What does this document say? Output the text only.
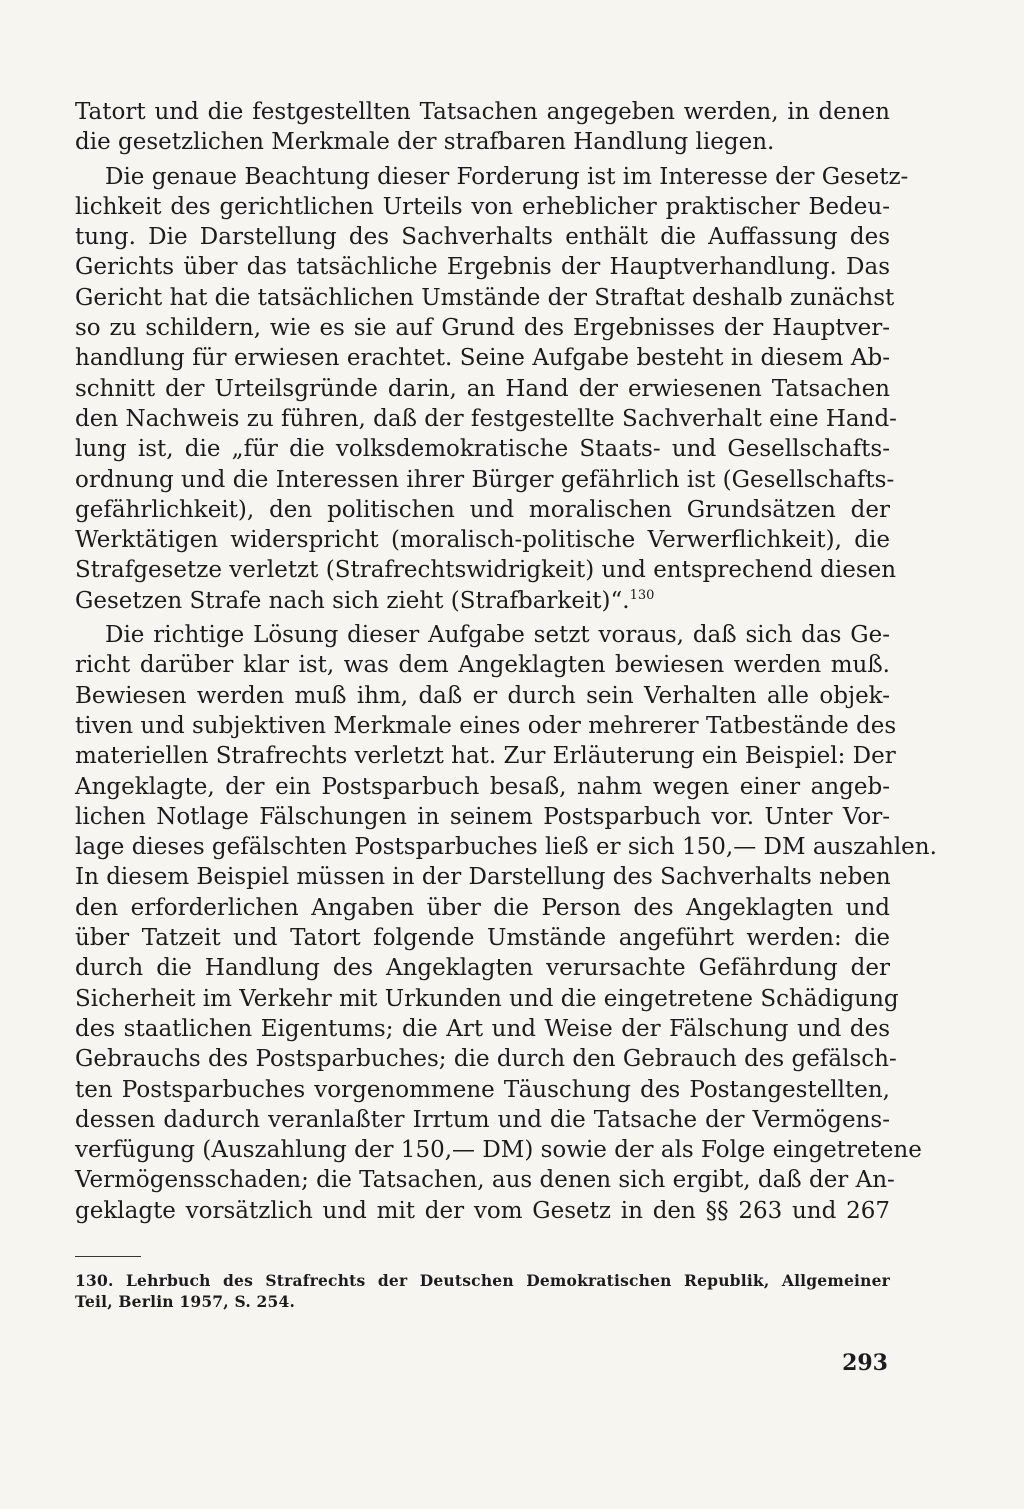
Tatort und die festgestellten Tatsachen angegeben werden, in denen
die gesetzlichen Merkmale der strafbaren Handlung liegen.
Die genaue Beachtung dieser Forderung ist im Interesse der Gesetz-
lichkeit des gerichtlichen Urteils von erheblicher praktischer Bedeu-
tung. Die Darstellung des Sachverhalts enthält die Auffassung des
Gerichts über das tatsächliche Ergebnis der Hauptverhandlung. Das
Gericht hat die tatsächlichen Umstände der Straftat deshalb zunächst
so zu schildern, wie es sie auf Grund des Ergebnisses der Hauptver-
handlung für erwiesen erachtet. Seine Aufgabe besteht in diesem Ab-
schnitt der Urteilsgründe darin, an Hand der erwiesenen Tatsachen
den Nachweis zu führen, daß der festgestellte Sachverhalt eine Hand-
lung ist, die „für die volksdemokratische Staats- und Gesellschafts-
ordnung und die Interessen ihrer Bürger gefährlich ist (Gesellschafts-
gefährlichkeit), den politischen und moralischen Grundsätzen der
Werktätigen widerspricht (moralisch-politische Verwerflichkeit), die
Strafgesetze verletzt (Strafrechtswidrigkeit) und entsprechend diesen
Gesetzen Strafe nach sich zieht (Strafbarkeit)“.$^{130}$
Die richtige Lösung dieser Aufgabe setzt voraus, daß sich das Ge-
richt darüber klar ist, was dem Angeklagten bewiesen werden muß.
Bewiesen werden muß ihm, daß er durch sein Verhalten alle objek-
tiven und subjektiven Merkmale eines oder mehrerer Tatbestände des
materiellen Strafrechts verletzt hat. Zur Erläuterung ein Beispiel: Der
Angeklagte, der ein Postsparbuch besaß, nahm wegen einer angeb-
lichen Notlage Fälschungen in seinem Postsparbuch vor. Unter Vor-
lage dieses gefälschten Postsparbuches ließ er sich 150,— DM auszahlen.
In diesem Beispiel müssen in der Darstellung des Sachverhalts neben
den erforderlichen Angaben über die Person des Angeklagten und
über Tatzeit und Tatort folgende Umstände angeführt werden: die
durch die Handlung des Angeklagten verursachte Gefährdung der
Sicherheit im Verkehr mit Urkunden und die eingetretene Schädigung
des staatlichen Eigentums; die Art und Weise der Fälschung und des
Gebrauchs des Postsparbuches; die durch den Gebrauch des gefälsch-
ten Postsparbuches vorgenommene Täuschung des Postangestellten,
dessen dadurch veranlaßter Irrtum und die Tatsache der Vermögens-
verfügung (Auszahlung der 150,— DM) sowie der als Folge eingetretene
Vermögensschaden; die Tatsachen, aus denen sich ergibt, daß der An-
geklagte vorsätzlich und mit der vom Gesetz in den §§ 263 und 267
130. Lehrbuch des Strafrechts der Deutschen Demokratischen Republik, Allgemeiner
Teil, Berlin 1957, S. 254.
293
